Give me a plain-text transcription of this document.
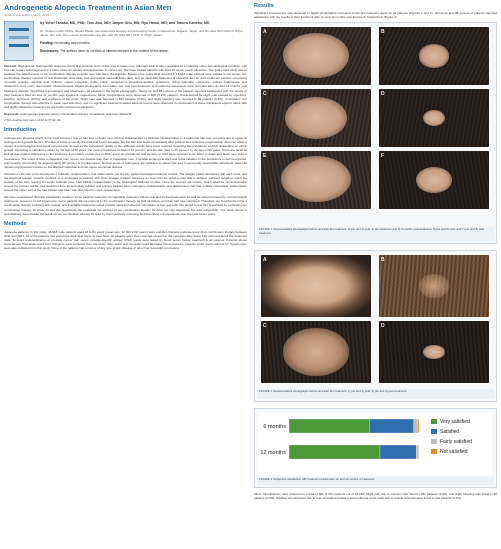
Androgenetic Alopecia Treatment in Asian Men
JCAD Online Editor | July 1, 2018
by Yohei Tanaka, MD, PhD; Toru Aso, MD; Junpei Ono, MD; Ryo Hosoi, MD; and Takuro Kaneko, MD
Dr. Tanaka is with Clinica Tanaka Plastic, Reconstructive Surgery and Anti-aging Center in Matsumoto, Nagano, Japan, and the AGA Skin Clinic in Tokyo, Japan. Drs. Aso, Ono, Hosoi, and Kaneko are also with the AGA Skin Clinic in Tokyo, Japan.
Funding: No funding was provided.
Disclosures: The authors have no conflicts of interest relevant to the content of this article.
Abstract: Background: Androgenetic alopecia (AGA) is a common form of hair loss in Asian men. Although AGA is often regarded as a relatively minor dermatological condition, hair loss can impact self-image and is a main cause for anxiety and depression in some men. We have treated patients with AGA for seven years. Objective: The goal of this study was to evaluate the effectiveness of our combination therapy in Asian men with AGA. Participants: Between the years 2011 and 2017, 18,918 male patients were treated in our center. Our combination therapy consists of oral finasteride once daily, oral and topical minoxidil twice daily, and an injectable treatment of tibocarbe and an AGA treatment solution comprising minoxidil, arginine, aspartic acid, caffeine, copper tripeptide, lysine, niacin, pantothenol, proanthocyanidins, pyridoxine, retinyl palmitate, pyridoxine, sodium hyaluronate, and ubiquinone once every two months. Measurements: Digital photographs were taken pre- and post-treatment, and patient assessments were recorded after six and 12 months post treatment. Results: Significant improvement was observed in all patients in the digital photographs. Ninety-six and 98 percent of the patients reported satisfaction with the results of their treatment after six and 12 months post treatment, respectively. Minor complications were observed in 800 (4.2%) patients, characterized by slight pain caused by injections, swelling, dizziness, itching, and erythema of the scalp. Slight pain was reported in 831 patients (3.4%), and slight bleeding was reported in 48 patients (0.4%). Conclusion: Our combination therapy was effective in Asian men with AGA, and no significant treatment-related adverse events were observed. A combination of these therapeutic options offers safe and highly efficacious treatment for AGA with minimal complications.
Keywords: Androgenetic alopecia (AGA), Combination therapy, Finasteride, Hair loss, Minoxidil
J Clin Aesthet Dermatol. 2018;11(7):32–39.
Introduction
Androgenetic alopecia (AGA) is the most common type of hair loss in Asian men. AGA is characterized by follicular miniaturization in a patterned hair loss occurring due to systemic androgen and genetic factors. The age of onset is usually the third and fourth decades, but the hair loss starts immediately after puberty and continues progressively. AGA can affect a variety of psychological and social experiences, as well as the individual's quality of life. Different results have been reported regarding the prevalence of AGA, depending on ethnic groups. According to Hamilton's study, by the age of 50 years, the mean prevalence of AGA is 60 percent, and the rate rises to 50 percent by the age of 50 years. There are racial as well as age-related differences in the incidence and pattern of hair loss in AGA, and both prevalence and severity of AGA were reported to be lower in Asian and black men than in Caucasians. The onset of AGA in Japanese men occurs one decade later than in Caucasian men. A familial tendency to AGA and racial variation in the prevalence is well recognized, with heredity accounting for approximately 80 percent of predisposition. Normal levels of androgens are sufficient to cause hair loss in genetically susceptible individuals. AGA has various psychosocial impacts on the affected individual and can cause emotional distress.
Alteration in the hair cycle development, follicular miniaturization, and inflammation are the key pathophysiological features of AGA. The anagen phase decreases with each cycle, and the length of telogen remains constant or is prolonged in patients with AGA. Anagen duration becomes so short that the growing hair fails to achieve sufficient length to reach the surface of the skin, leaving an empty follicular pore. Hair follicle miniaturization is the histological hallmark of AGA. Once the arrector pili muscle, which attaches circumferentially around the primary follicle, has detached from all secondary follicles and primary follicles have undergone miniaturization and detachment, hair loss is likely irreversible. Inflammation around the upper part of the hair follicles has been well described by many researchers.
We have experienced clinically satisfactory results in some patients treated by an injectable treatment without oral and topical treatments, as well as patients treated by oral and topical treatments. However, in our experience, some patients did not respond to the combination therapy as well as others, and their hair loss continued. Therefore, we hypothesized that a combination therapy including oral, topical, and injectable treatments would provide rapid and effective stimulation of hair regrowth. We aimed to test this hypothesis by evaluating our combination therapy for AGA. To test this hypothesis, we evaluated the efficacy of our combination therapy for AGA not only objectively but also subjectively. Our study aimed to quantitatively demonstrate the results of our combination therapy for AGA by retrospectively reviewing and describing our experience over the past seven years.
Methods
Japanese patients. In this study, 18,918 male patients aged 18 to 81 years (mean age, 32 [SD 9.02] years) were enrolled. Patients underwent our AGA combination therapy between 2011 and 2017. All of the patients had visited the AGA Skin Clinic to treat AGA. All patients gave their informed consent to the operation after being fully informed about the treatment risks. To avoid underestimation of prostate cancer risk, serum prostate-specific antigen (PSA) levels were tested by blood serum before treatment in all patients. Patients whose pretreatment PSA levels were over 4.0ng/mL were excluded from the study. Also, since oral minoxidil could decrease blood pressure, patients under oral treatment for hypertension were also excluded from this study. None of the patients had a history of any type of skin disease or other hair restoration procedure.
Results
Significant improvement was observed in digital photographs compared to the pre-treatment areas for all patients (Figures 1 and 2). Ninety-six and 98 percent of patients reported satisfaction with the results of their treatment after six and 12 months post treatment, respectively (Figure 3).
A	B
C	D
E	F
FIGURE 1. Representative photographs before and after the treatment. 2) pre and 4) post; 1) pre-treatment and 3) 6 months post-treatment; 5) pre and 6) post; and 7) pre and 8) post treatment.
A	B
C	D
FIGURE 2. Representative photographs before and after the treatment. 1) pre and 2) post; 3) pre and 4) post-treatment.
6 months
12 months
Very satisfied
Satisfied
Fairly satisfied
Not satisfied
FIGURE 3. Subjective satisfaction with treatment results after six and 12 months of treatment.
Minor complications were observed in a total of 800 (4.2%) patients out of 18,918. Slight pain due to injection was found in 651 patients (3.4%), and slight bleeding was found in 48 patients (0.3%). Swelling and dizziness due to oral minoxidil and itching and erythema of the scalp due to topical minoxidil were found in 101 patients (0.5%).
